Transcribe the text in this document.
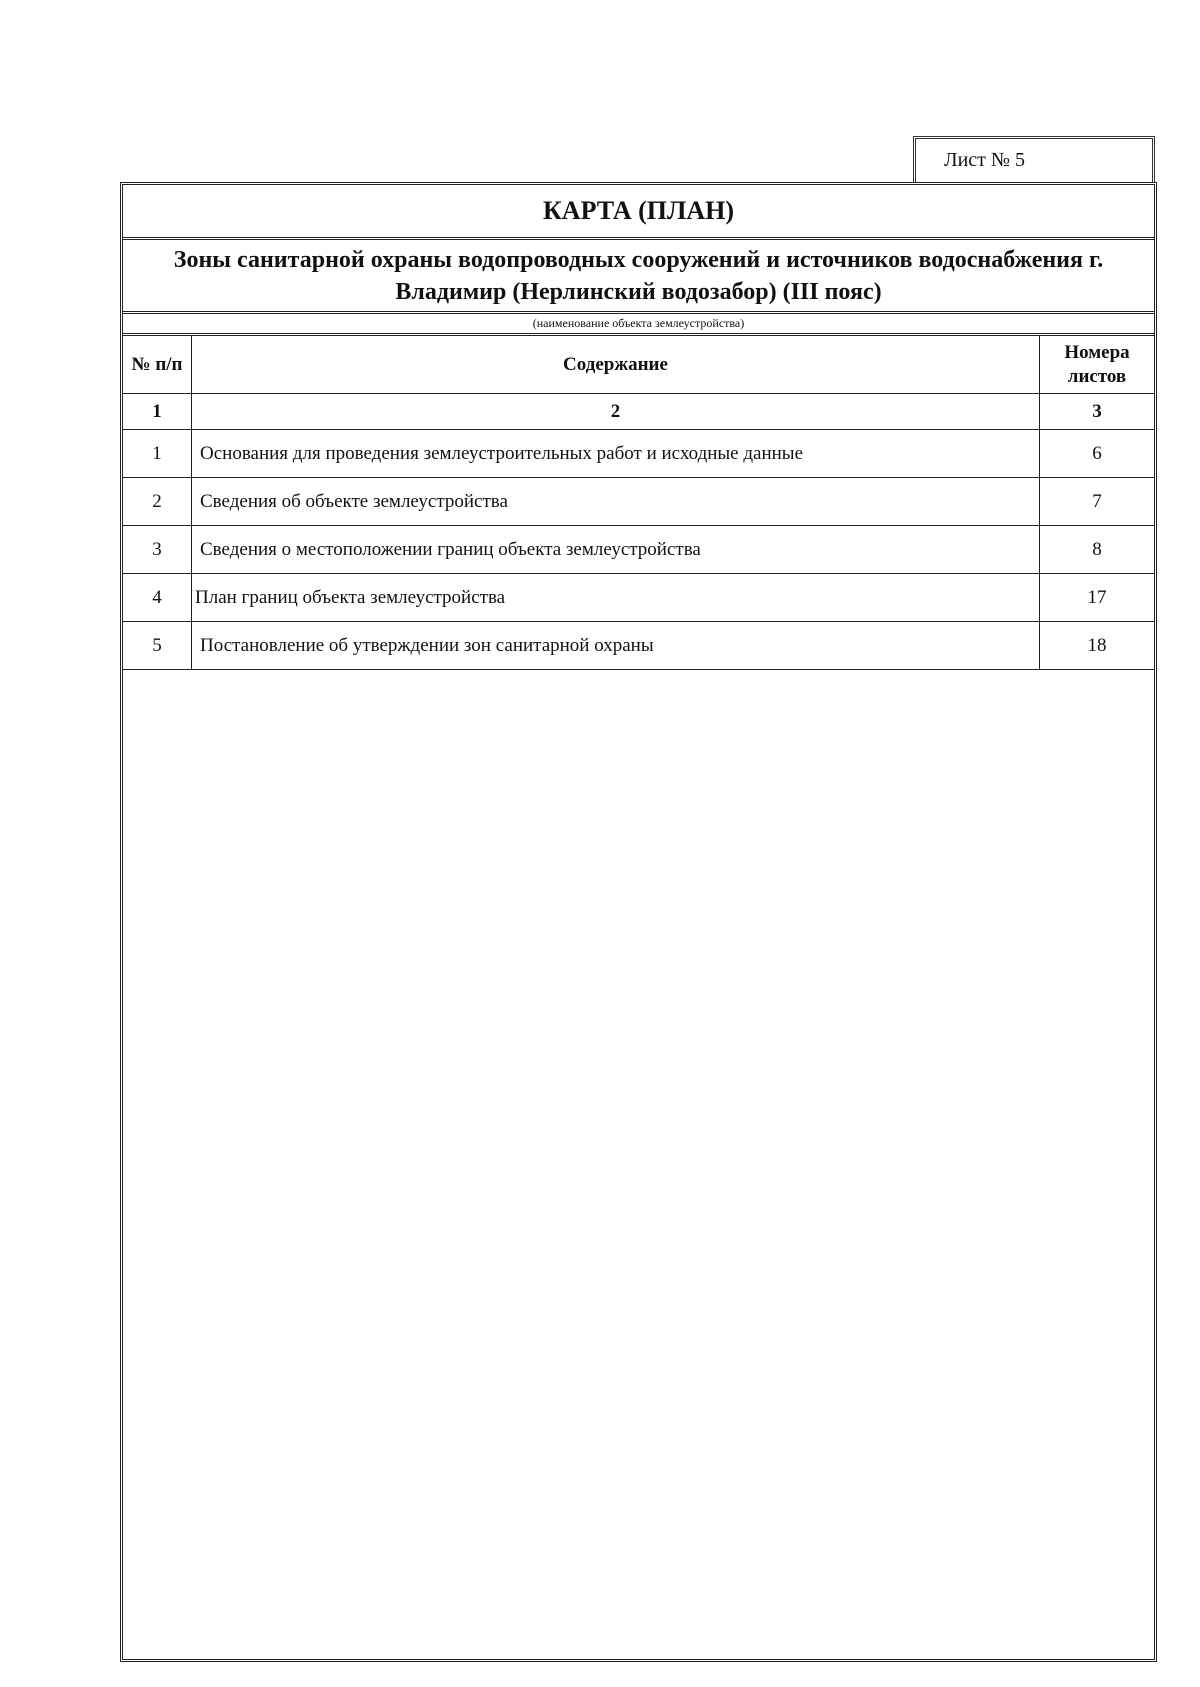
Лист № 5
КАРТА (ПЛАН)
Зоны санитарной охраны водопроводных сооружений и источников водоснабжения г. Владимир (Нерлинский водозабор) (III пояс)
(наименование объекта землеустройства)
№ п/п	Содержание	Номера листов
1	2	3
1	Основания для проведения землеустроительных работ и исходные данные	6
2	Сведения об объекте землеустройства	7
3	Сведения о местоположении границ объекта землеустройства	8
4	План границ объекта землеустройства	17
5	Постановление об утверждении зон санитарной охраны	18
